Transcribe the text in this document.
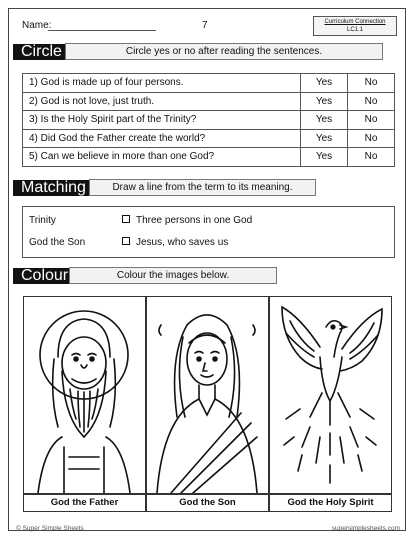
Name:	7	Curriculum Connection
LC1.1
Circle	Circle yes or no after reading the sentences.
1) God is made up of four persons.	Yes	No
2) God is not love, just truth.	Yes	No
3) Is the Holy Spirit part of the Trinity?	Yes	No
4) Did God the Father create the world?	Yes	No
5) Can we believe in more than one God?	Yes	No
Matching	Draw a line from the term to its meaning.
Trinity	Three persons in one God
God the Son	Jesus, who saves us
Colour	Colour the images below.
God the Father	God the Son	God the Holy Spirit
© Super Simple Sheets	supersimplesheets.com
